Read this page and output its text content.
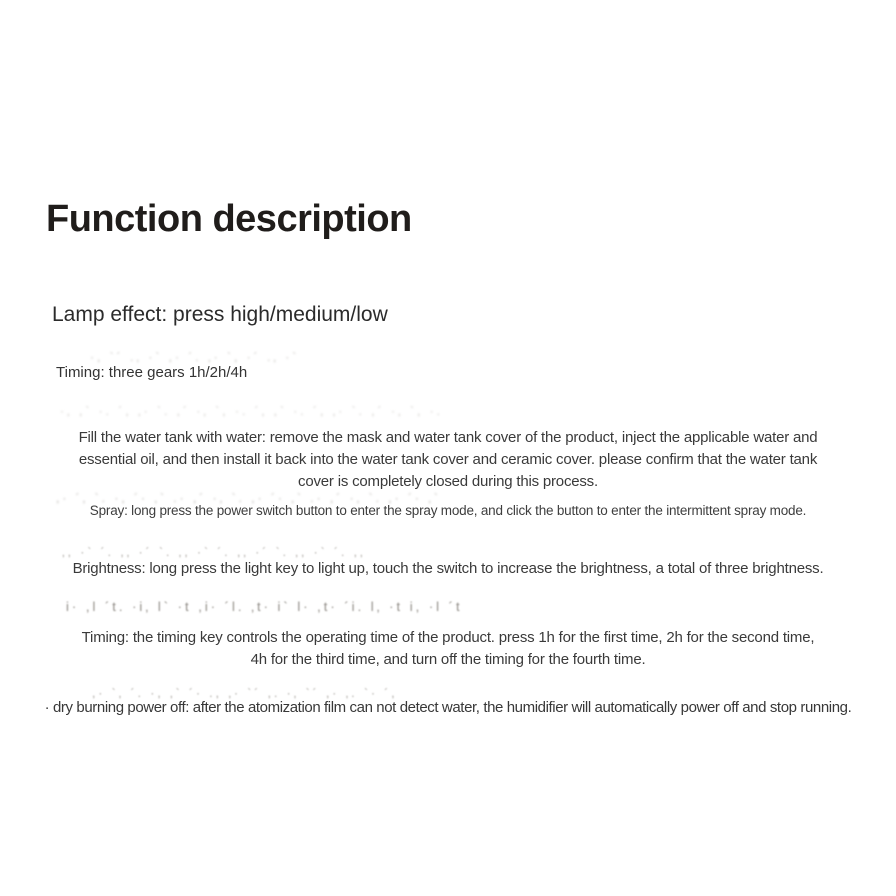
Function description
Lamp effect: press high/medium/low
·, `´ .‚ ·` ,· ´. ‚· `, ·´ .‚ ·`
Timing: three gears 1h/2h/4h
·‚ ,` ·. ´, ‚· `. ,´ ·‚ `, ·. ´‚ ,` ·. ´, ‚· `. ,´ ·‚ `, ·.
Fill the water tank with water: remove the mask and water tank cover of the product, inject the applicable water and
essential oil, and then install it back into the water tank cover and ceramic cover. please confirm that the water tank
cover is completely closed during this process.
,· ´‚ `. ·, ´· ‚` .· ,´ ·‚ `. ,· ´· ‚` .· ,´ ·‚ `. ,· ´· ‚`
Spray: long press the power switch button to enter the spray mode, and click the button to enter the intermittent spray mode.
‚, ·` ´. ,‚ ·´ `. ‚, ·` ´. ,‚ ·´ `. ‚, ·` ´. ,‚
Brightness: long press the light key to light up, touch the switch to increase the brightness, a total of three brightness.
i· ,l ´t. ·i‚ l` ·t ,i· ´l. ‚t· i` l· ,t· ´i. l‚ ·t i, ·l ´t
Timing: the timing key controls the operating time of the product. press 1h for the first time, 2h for the second time,
4h for the third time, and turn off the timing for the fourth time.
,· `‚ ´. ·, ‚` ´· ., ‚· `´ ,. ·‚ `´ ,· ‚. `· ´,
· dry burning power off: after the atomization film can not detect water, the humidifier will automatically power off and stop running.
